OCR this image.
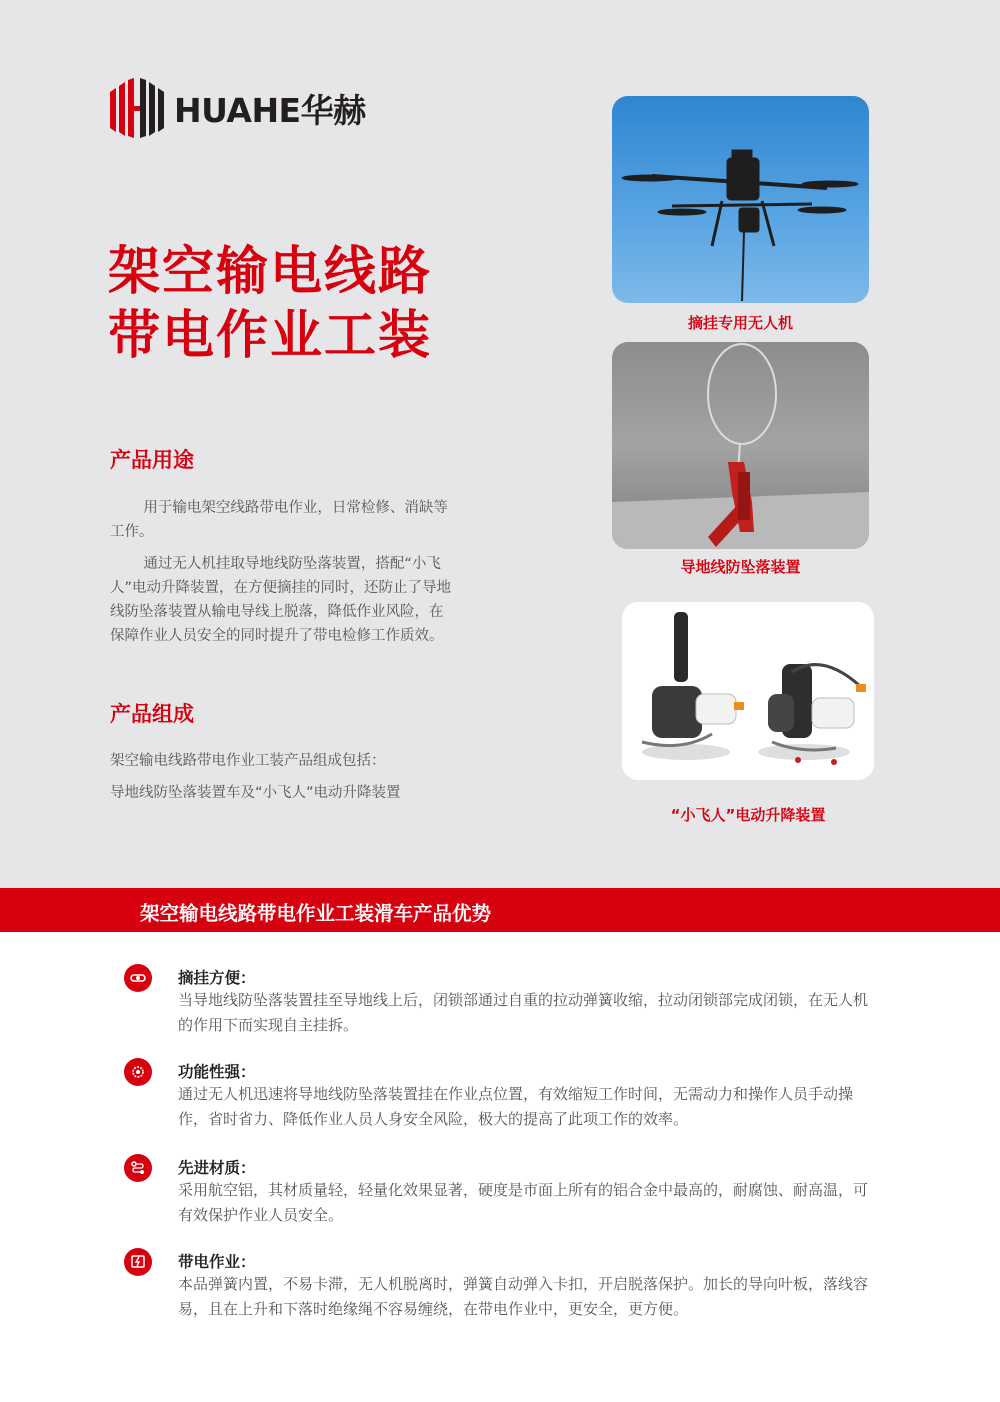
HUAHE华赫
架空输电线路
带电作业工装
产品用途
用于输电架空线路带电作业，日常检修、消缺等工作。
通过无人机挂取导地线防坠落装置，搭配“小飞人”电动升降装置，在方便摘挂的同时，还防止了导地线防坠落装置从输电导线上脱落，降低作业风险，在保障作业人员安全的同时提升了带电检修工作质效。
产品组成
架空输电线路带电作业工装产品组成包括：
导地线防坠落装置车及“小飞人”电动升降装置
摘挂专用无人机
导地线防坠落装置
“小飞人”电动升降装置
架空输电线路带电作业工装滑车产品优势
摘挂方便：
当导地线防坠落装置挂至导地线上后，闭锁部通过自重的拉动弹簧收缩，拉动闭锁部完成闭锁，在无人机的作用下而实现自主挂拆。
功能性强：
通过无人机迅速将导地线防坠落装置挂在作业点位置，有效缩短工作时间，无需动力和操作人员手动操作，省时省力、降低作业人员人身安全风险，极大的提高了此项工作的效率。
先进材质：
采用航空铝，其材质量轻，轻量化效果显著，硬度是市面上所有的铝合金中最高的，耐腐蚀、耐高温，可有效保护作业人员安全。
带电作业：
本品弹簧内置，不易卡滞，无人机脱离时，弹簧自动弹入卡扣，开启脱落保护。加长的导向叶板，落线容易，且在上升和下落时绝缘绳不容易缠绕，在带电作业中，更安全，更方便。
